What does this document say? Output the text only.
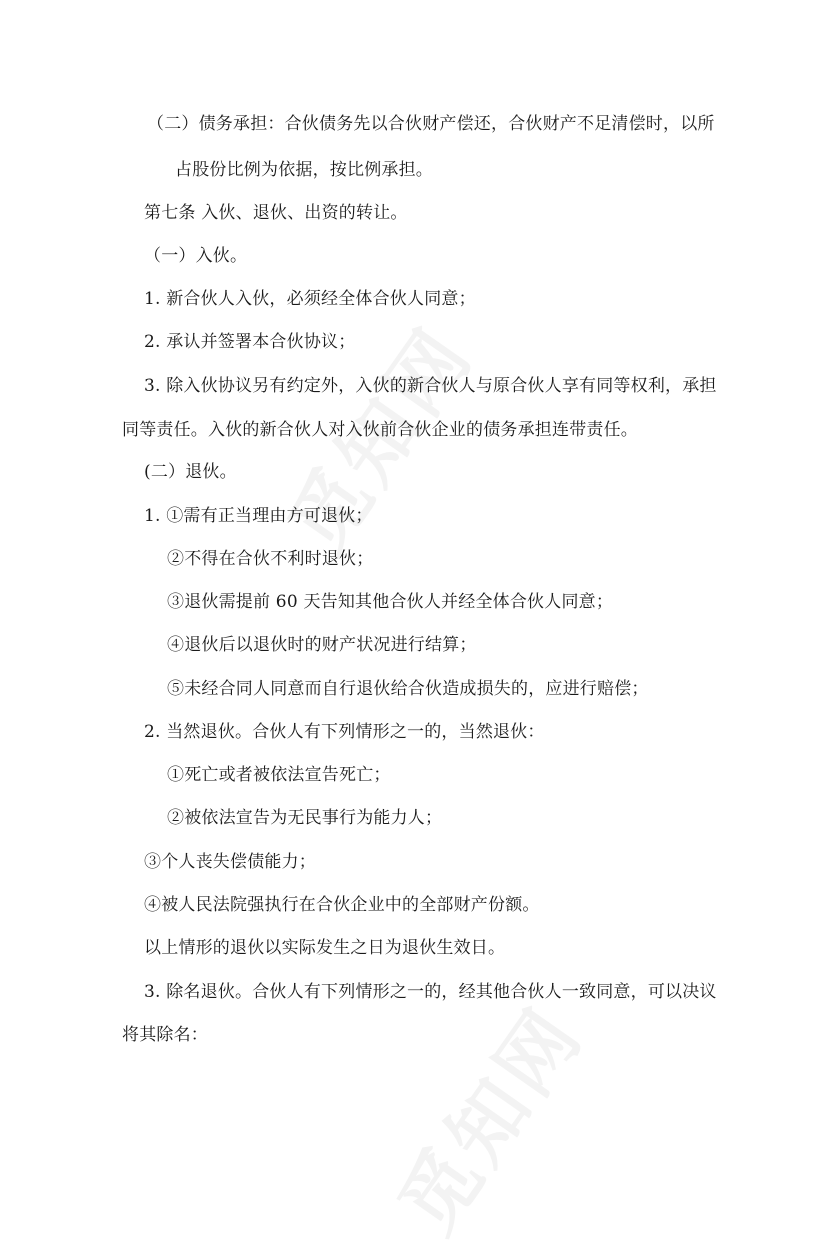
（二）债务承担：合伙债务先以合伙财产偿还，合伙财产不足清偿时，以所
占股份比例为依据，按比例承担。
第七条 入伙、退伙、出资的转让。
（一）入伙。
1. 新合伙人入伙，必须经全体合伙人同意；
2. 承认并签署本合伙协议；
3. 除入伙协议另有约定外，入伙的新合伙人与原合伙人享有同等权利，承担
同等责任。入伙的新合伙人对入伙前合伙企业的债务承担连带责任。
(二）退伙。
1. ①需有正当理由方可退伙；
②不得在合伙不利时退伙；
③退伙需提前 60 天告知其他合伙人并经全体合伙人同意；
④退伙后以退伙时的财产状况进行结算；
⑤未经合同人同意而自行退伙给合伙造成损失的，应进行赔偿；
2. 当然退伙。合伙人有下列情形之一的，当然退伙：
①死亡或者被依法宣告死亡；
②被依法宣告为无民事行为能力人；
③个人丧失偿债能力；
④被人民法院强执行在合伙企业中的全部财产份额。
以上情形的退伙以实际发生之日为退伙生效日。
3. 除名退伙。合伙人有下列情形之一的，经其他合伙人一致同意，可以决议
将其除名：
